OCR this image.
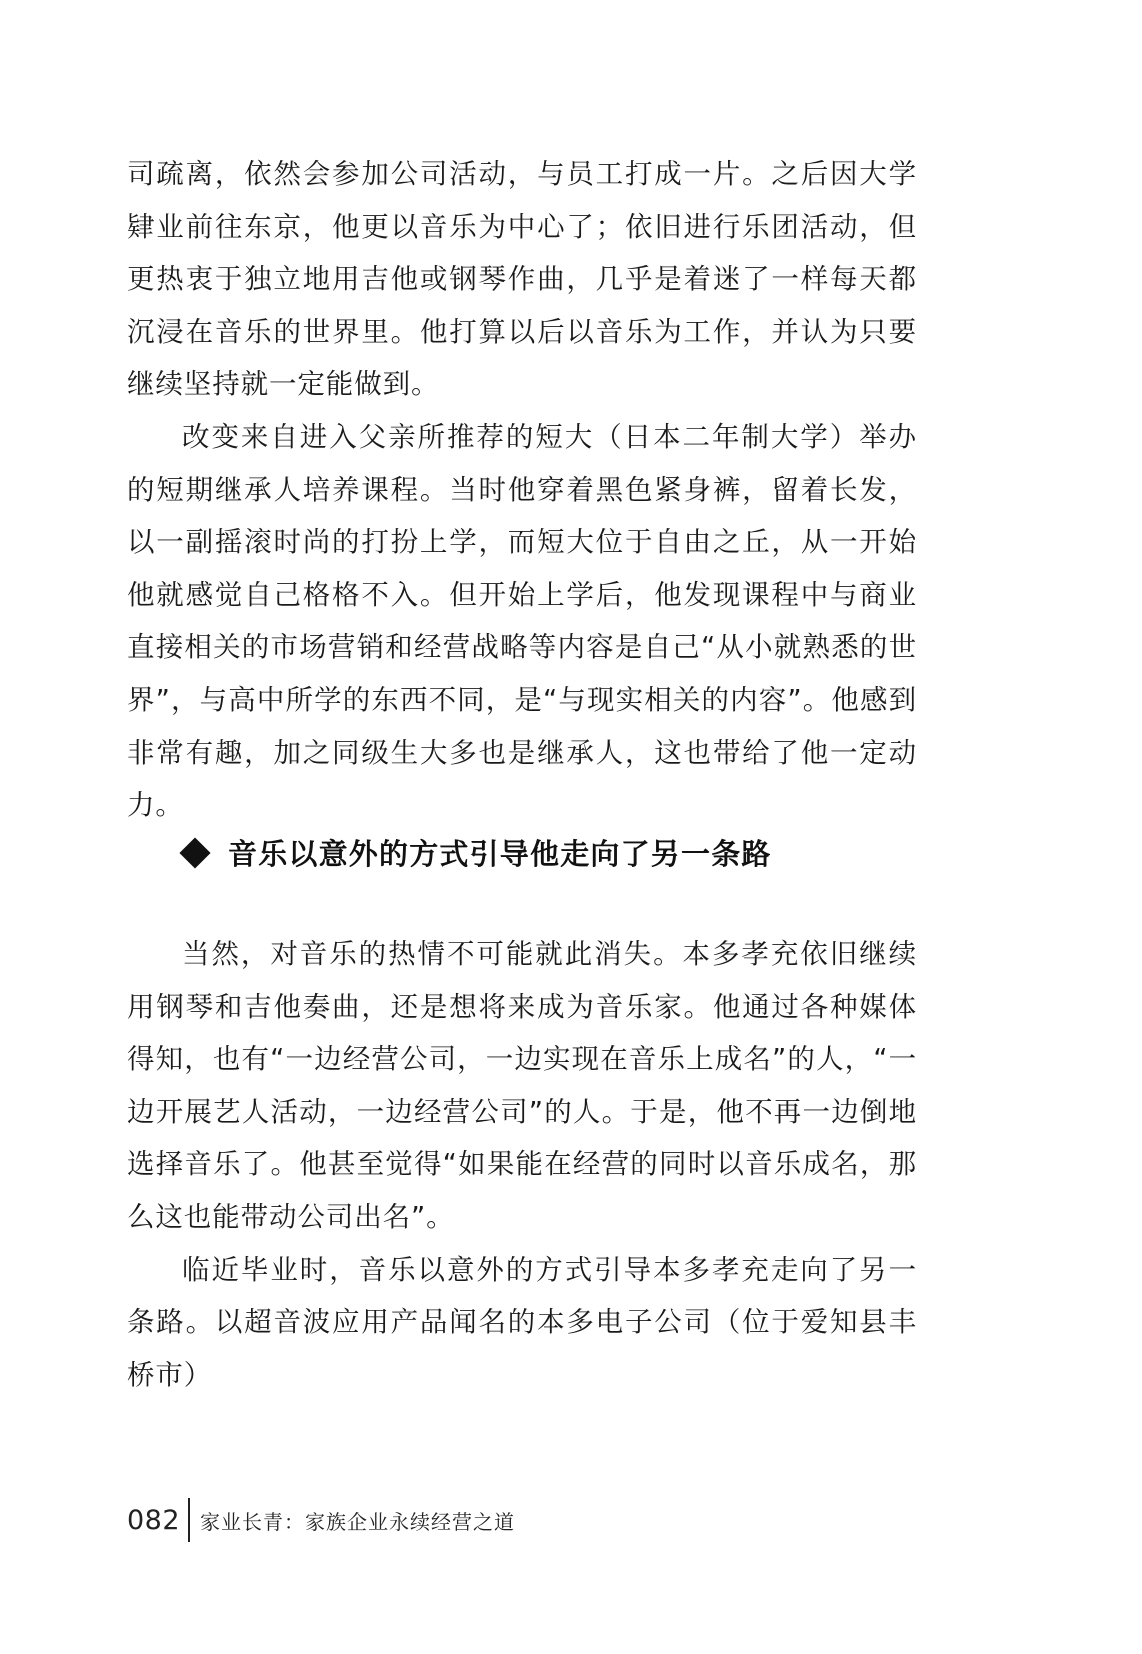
司疏离，依然会参加公司活动，与员工打成一片。之后因大学肄业前往东京，他更以音乐为中心了；依旧进行乐团活动，但更热衷于独立地用吉他或钢琴作曲，几乎是着迷了一样每天都沉浸在音乐的世界里。他打算以后以音乐为工作，并认为只要继续坚持就一定能做到。

改变来自进入父亲所推荐的短大（日本二年制大学）举办的短期继承人培养课程。当时他穿着黑色紧身裤，留着长发，以一副摇滚时尚的打扮上学，而短大位于自由之丘，从一开始他就感觉自己格格不入。但开始上学后，他发现课程中与商业直接相关的市场营销和经营战略等内容是自己“从小就熟悉的世界”，与高中所学的东西不同，是“与现实相关的内容”。他感到非常有趣，加之同级生大多也是继承人，这也带给了他一定动力。

音乐以意外的方式引导他走向了另一条路

当然，对音乐的热情不可能就此消失。本多孝充依旧继续用钢琴和吉他奏曲，还是想将来成为音乐家。他通过各种媒体得知，也有“一边经营公司，一边实现在音乐上成名”的人，“一边开展艺人活动，一边经营公司”的人。于是，他不再一边倒地选择音乐了。他甚至觉得“如果能在经营的同时以音乐成名，那么这也能带动公司出名”。

临近毕业时，音乐以意外的方式引导本多孝充走向了另一条路。以超音波应用产品闻名的本多电子公司（位于爱知县丰桥市）

082 家业长青：家族企业永续经营之道
